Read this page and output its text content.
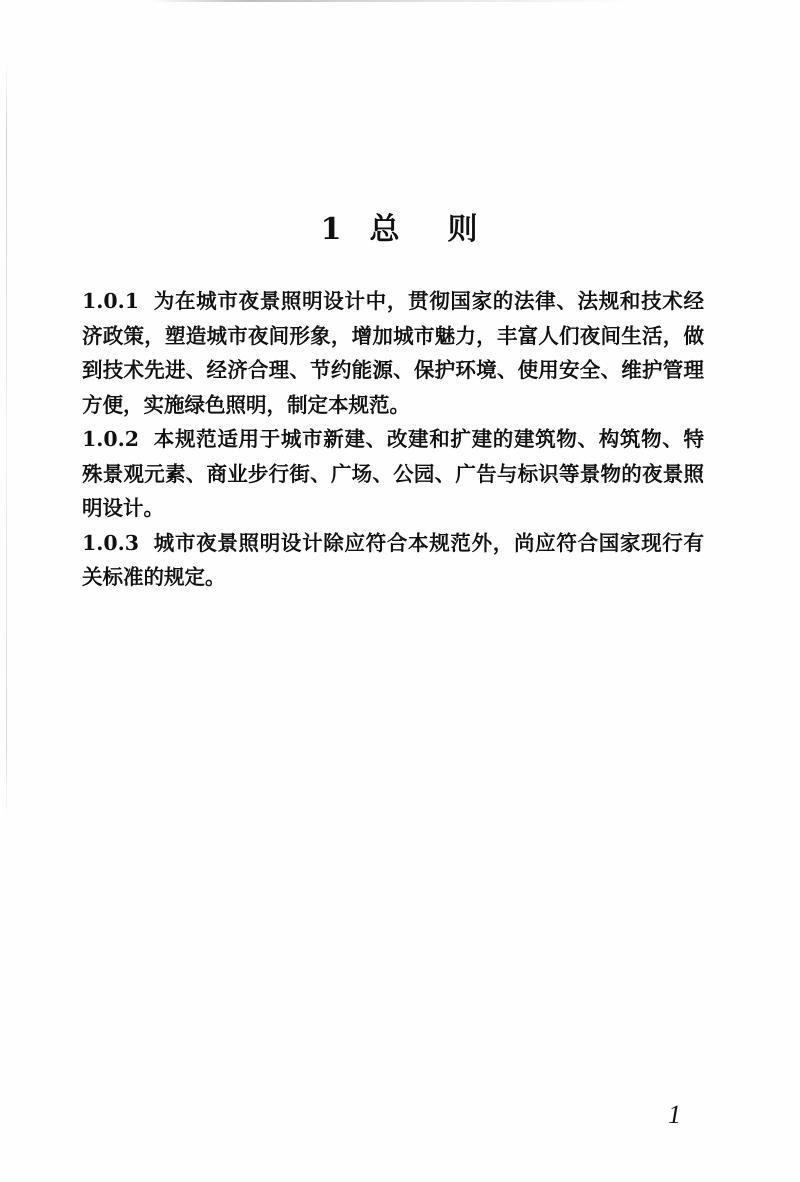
1 总 则

1.0.1 为在城市夜景照明设计中，贯彻国家的法律、法规和技术经济政策，塑造城市夜间形象，增加城市魅力，丰富人们夜间生活，做到技术先进、经济合理、节约能源、保护环境、使用安全、维护管理方便，实施绿色照明，制定本规范。

1.0.2 本规范适用于城市新建、改建和扩建的建筑物、构筑物、特殊景观元素、商业步行街、广场、公园、广告与标识等景物的夜景照明设计。

1.0.3 城市夜景照明设计除应符合本规范外，尚应符合国家现行有关标准的规定。

1
